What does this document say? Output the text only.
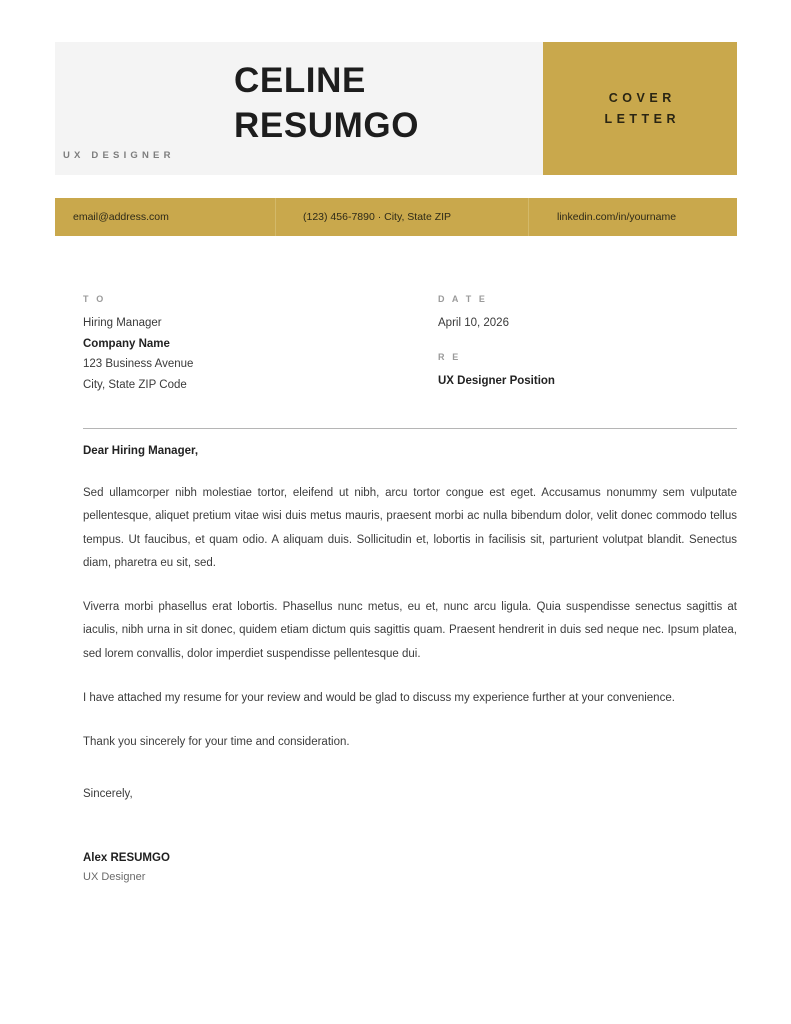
CELINE
RESUMGO
UX DESIGNER
COVER
LETTER
email@address.com	(123) 456-7890 · City, State ZIP	linkedin.com/in/yourname
T O
Hiring Manager
Company Name
123 Business Avenue
City, State ZIP Code
D A T E
April 10, 2026
R E
UX Designer Position
Dear Hiring Manager,

Sed ullamcorper nibh molestiae tortor, eleifend ut nibh, arcu tortor congue est eget. Accusamus nonummy sem vulputate pellentesque, aliquet pretium vitae wisi duis metus mauris, praesent morbi ac nulla bibendum dolor, velit donec commodo tellus tempus. Ut faucibus, et quam odio. A aliquam duis. Sollicitudin et, lobortis in facilisis sit, parturient volutpat blandit. Senectus diam, pharetra eu sit, sed.

Viverra morbi phasellus erat lobortis. Phasellus nunc metus, eu et, nunc arcu ligula. Quia suspendisse senectus sagittis at iaculis, nibh urna in sit donec, quidem etiam dictum quis sagittis quam. Praesent hendrerit in duis sed neque nec. Ipsum platea, sed lorem convallis, dolor imperdiet suspendisse pellentesque dui.

I have attached my resume for your review and would be glad to discuss my experience further at your convenience.

Thank you sincerely for your time and consideration.

Sincerely,
Alex RESUMGO
UX Designer
